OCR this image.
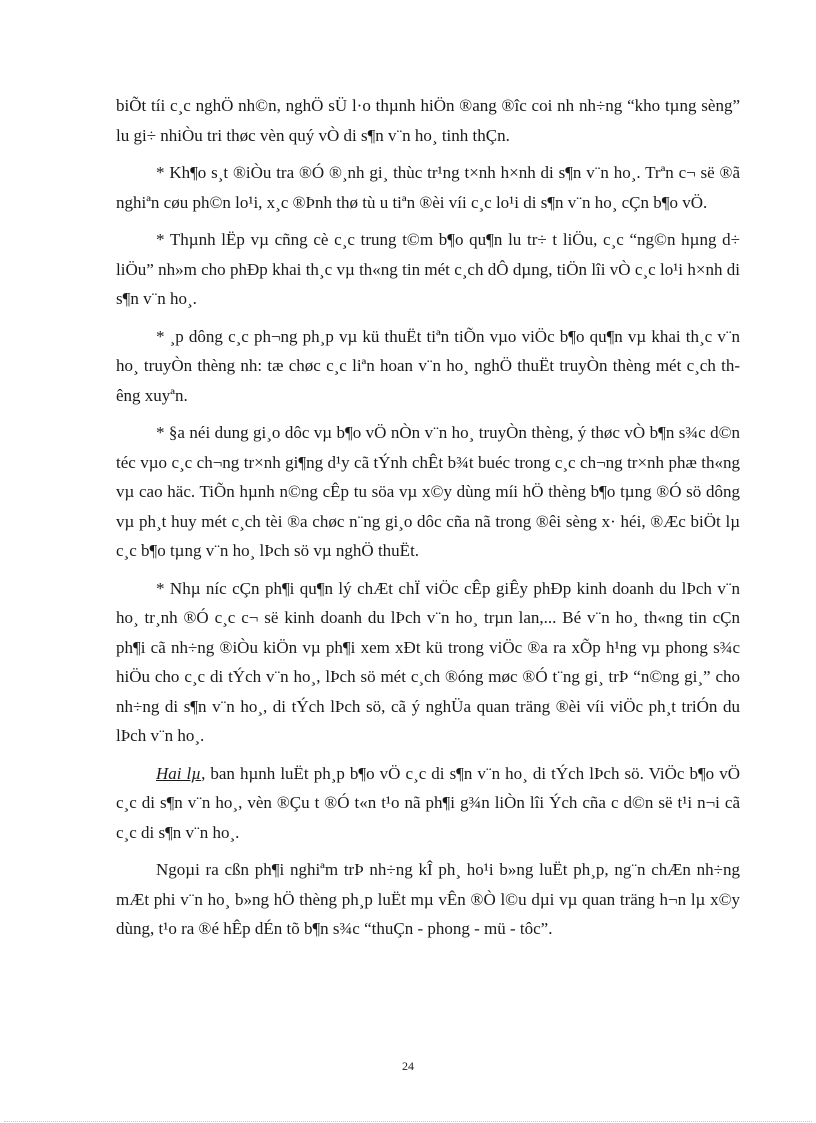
biÕt tíi c¸c nghÖ nh©n, nghÖ sÜ l·o thµnh hiÖn ®ang ®îc coi nh nh÷ng “kho tµng sèng” lu gi÷ nhiÒu tri thøc vèn quý vÒ di s¶n v¨n ho¸ tinh thÇn.

* Kh¶o s¸t ®iÒu tra ®Ó ®¸nh gi¸ thùc tr¹ng t×nh h×nh di s¶n v¨n ho¸. Trªn c¬ së ®ã nghiªn cøu ph©n lo¹i, x¸c ®Þnh thø tù u tiªn ®èi víi c¸c lo¹i di s¶n v¨n ho¸ cÇn b¶o vÖ.

* Thµnh lËp vµ cñng cè c¸c trung t©m b¶o qu¶n lu tr÷ t liÖu, c¸c “ng©n hµng d÷ liÖu” nh»m cho phÐp khai th¸c vµ th«ng tin mét c¸ch dÔ dµng, tiÖn lîi vÒ c¸c lo¹i h×nh di s¶n v¨n ho¸.

* ¸p dông c¸c ph¬ng ph¸p vµ kü thuËt tiªn tiÕn vµo viÖc b¶o qu¶n vµ khai th¸c v¨n ho¸ truyÒn thèng nh: tæ chøc c¸c liªn hoan v¨n ho¸ nghÖ thuËt truyÒn thèng mét c¸ch thêng xuyªn.

* §a néi dung gi¸o dôc vµ b¶o vÖ nÒn v¨n ho¸ truyÒn thèng, ý thøc vÒ b¶n s¾c d©n téc vµo c¸c ch¬ng tr×nh gi¶ng d¹y cã tÝnh chÊt b¾t buéc trong c¸c ch¬ng tr×nh phæ th«ng vµ cao häc. TiÕn hµnh n©ng cÊp tu söa vµ x©y dùng míi hÖ thèng b¶o tµng ®Ó sö dông vµ ph¸t huy mét c¸ch tèi ®a chøc n¨ng gi¸o dôc cña nã trong ®êi sèng x· héi, ®Æc biÖt lµ c¸c b¶o tµng v¨n ho¸ lÞch sö vµ nghÖ thuËt.

* Nhµ níc cÇn ph¶i qu¶n lý chÆt chÏ viÖc cÊp giÊy phÐp kinh doanh du lÞch v¨n ho¸ tr¸nh ®Ó c¸c c¬ së kinh doanh du lÞch v¨n ho¸ trµn lan,... Bé v¨n ho¸ th«ng tin cÇn ph¶i cã nh÷ng ®iÒu kiÖn vµ ph¶i xem xÐt kü trong viÖc ®a ra xÕp h¹ng vµ phong s¾c hiÖu cho c¸c di tÝch v¨n ho¸, lÞch sö mét c¸ch ®óng møc ®Ó t¨ng gi¸ trÞ “n©ng gi¸” cho nh÷ng di s¶n v¨n ho¸, di tÝch lÞch sö, cã ý nghÜa quan träng ®èi víi viÖc ph¸t triÓn du lÞch v¨n ho¸.

Hai lµ, ban hµnh luËt ph¸p b¶o vÖ c¸c di s¶n v¨n ho¸ di tÝch lÞch sö. ViÖc b¶o vÖ c¸c di s¶n v¨n ho¸, vèn ®Çu t ®Ó t«n t¹o nã ph¶i g¾n liÒn lîi Ých cña c d©n së t¹i n¬i cã c¸c di s¶n v¨n ho¸.

Ngoµi ra cßn ph¶i nghiªm trÞ nh÷ng kÎ ph¸ ho¹i b»ng luËt ph¸p, ng¨n chÆn nh÷ng mÆt phi v¨n ho¸ b»ng hÖ thèng ph¸p luËt mµ vÊn ®Ò l©u dµi vµ quan träng h¬n lµ x©y dùng, t¹o ra ®é hÊp dÉn tõ b¶n s¾c “thuÇn - phong - mü - tôc”.

24
